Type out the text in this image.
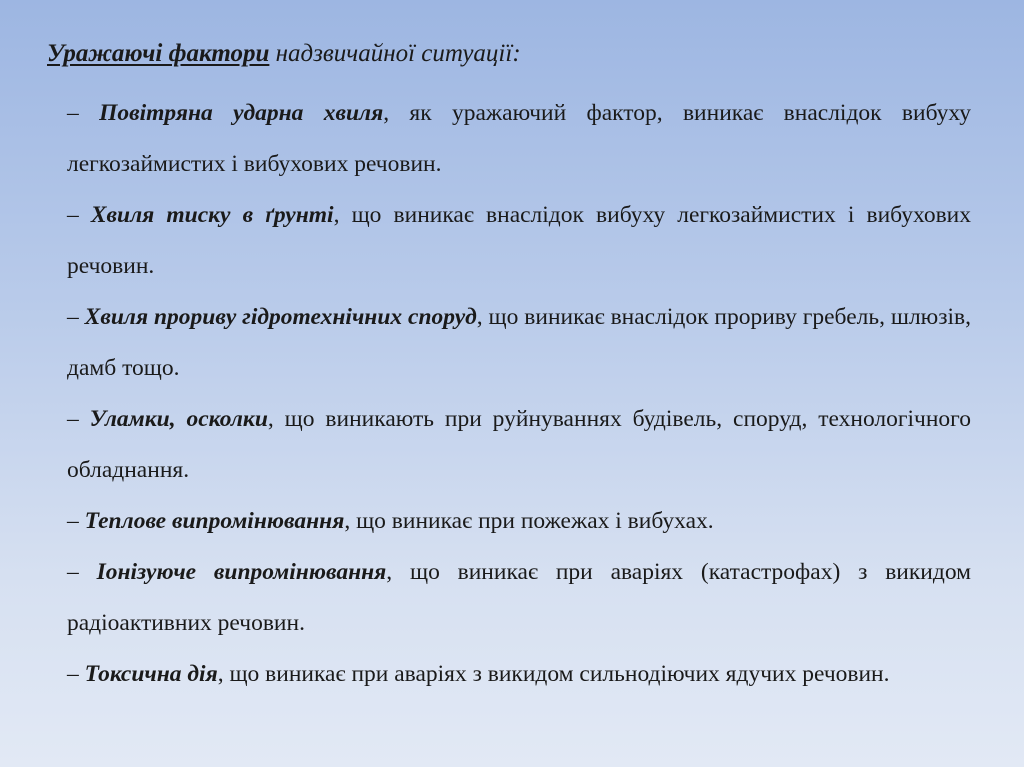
Уражаючі фактори надзвичайної ситуації:

– Повітряна ударна хвиля, як уражаючий фактор, виникає внаслідок вибуху легкозаймистих і вибухових речовин.

– Хвиля тиску в ґрунті, що виникає внаслідок вибуху легкозаймистих і вибухових речовин.

– Хвиля прориву гідротехнічних споруд, що виникає внаслідок прориву гребель, шлюзів, дамб тощо.

– Уламки, осколки, що виникають при руйнуваннях будівель, споруд, технологічного обладнання.

– Теплове випромінювання, що виникає при пожежах і вибухах.

– Іонізуюче випромінювання, що виникає при аваріях (катастрофах) з викидом радіоактивних речовин.

– Токсична дія, що виникає при аваріях з викидом сильнодіючих ядучих речовин.
